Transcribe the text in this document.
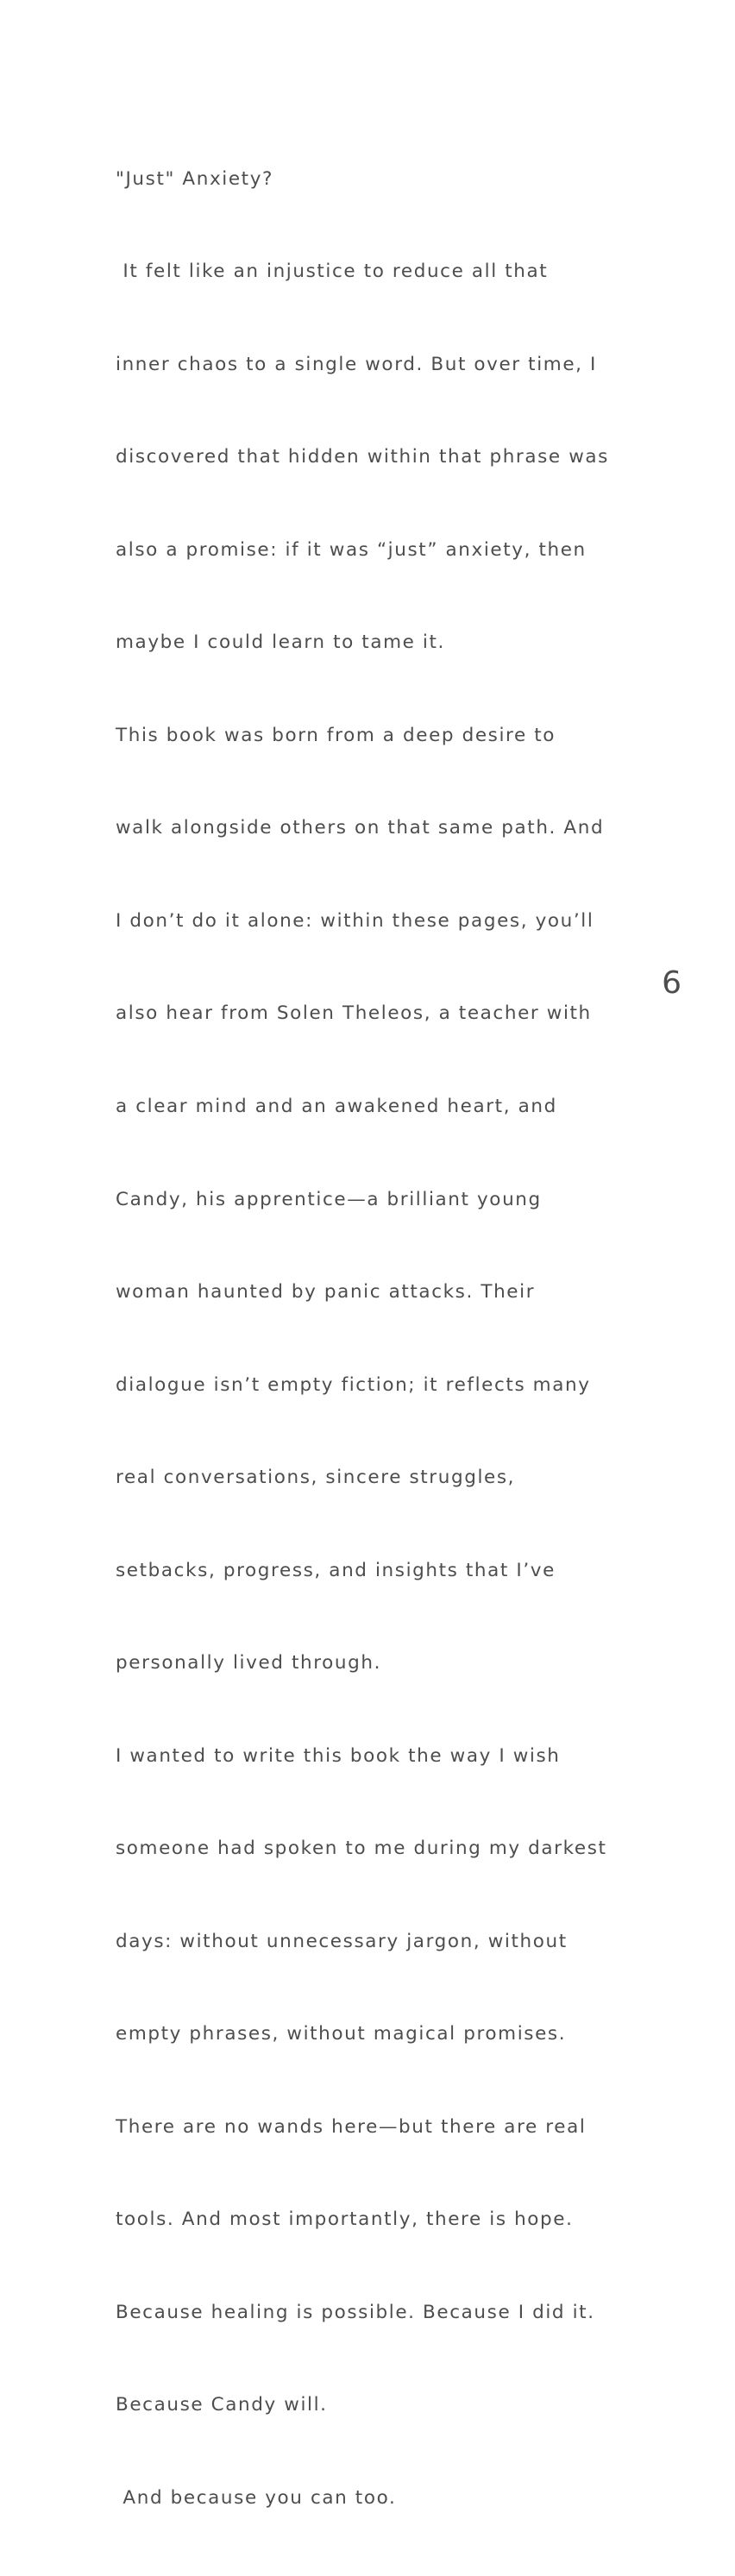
"Just" Anxiety?

It felt like an injustice to reduce all that

inner chaos to a single word. But over time, I

discovered that hidden within that phrase was

also a promise: if it was “just” anxiety, then

maybe I could learn to tame it.

This book was born from a deep desire to

walk alongside others on that same path. And

I don’t do it alone: within these pages, you’ll

also hear from Solen Theleos, a teacher with

a clear mind and an awakened heart, and

Candy, his apprentice—a brilliant young

woman haunted by panic attacks. Their

dialogue isn’t empty fiction; it reflects many

real conversations, sincere struggles,

setbacks, progress, and insights that I’ve

personally lived through.

I wanted to write this book the way I wish

someone had spoken to me during my darkest

days: without unnecessary jargon, without

empty phrases, without magical promises.

There are no wands here—but there are real

tools. And most importantly, there is hope.

Because healing is possible. Because I did it.

Because Candy will.

And because you can too.

6
